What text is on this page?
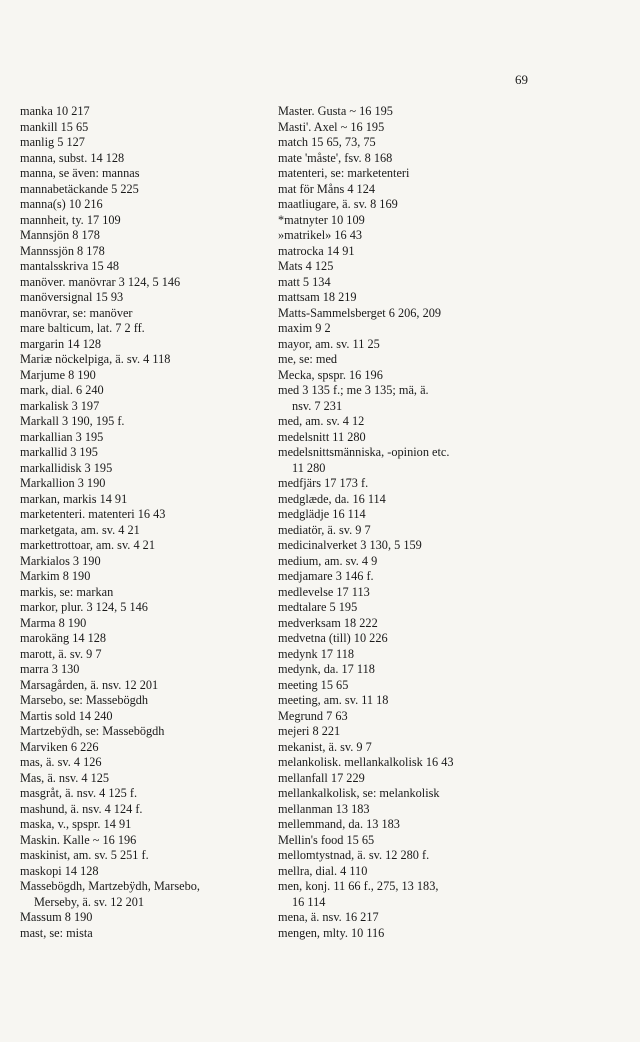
69
manka 10 217
mankill 15 65
manlig 5 127
manna, subst. 14 128
manna, se även: mannas
mannabetäckande 5 225
manna(s) 10 216
mannheit, ty. 17 109
Mannsjön 8 178
Mannssjön 8 178
mantalsskriva 15 48
manöver. manövrar 3 124, 5 146
manöversignal 15 93
manövrar, se: manöver
mare balticum, lat. 7 2 ff.
margarin 14 128
Mariæ nöckelpiga, ä. sv. 4 118
Marjume 8 190
mark, dial. 6 240
markalisk 3 197
Markall 3 190, 195 f.
markallian 3 195
markallid 3 195
markallidisk 3 195
Markallion 3 190
markan, markis 14 91
marketenteri. matenteri 16 43
marketgata, am. sv. 4 21
markettrottoar, am. sv. 4 21
Markialos 3 190
Markim 8 190
markis, se: markan
markor, plur. 3 124, 5 146
Marma 8 190
marokäng 14 128
marott, ä. sv. 9 7
marra 3 130
Marsagården, ä. nsv. 12 201
Marsebo, se: Massebögdh
Martis sold 14 240
Martzebÿdh, se: Massebögdh
Marviken 6 226
mas, ä. sv. 4 126
Mas, ä. nsv. 4 125
masgråt, ä. nsv. 4 125 f.
mashund, ä. nsv. 4 124 f.
maska, v., spspr. 14 91
Maskin. Kalle ~ 16 196
maskinist, am. sv. 5 251 f.
maskopi 14 128
Massebögdh, Martzebÿdh, Marsebo,
Merseby, ä. sv. 12 201
Massum 8 190
mast, se: mista
Master. Gusta ~ 16 195
Masti'. Axel ~ 16 195
match 15 65, 73, 75
mate 'måste', fsv. 8 168
matenteri, se: marketenteri
mat för Måns 4 124
maatliugare, ä. sv. 8 169
*matnyter 10 109
»matrikel» 16 43
matrocka 14 91
Mats 4 125
matt 5 134
mattsam 18 219
Matts-Sammelsberget 6 206, 209
maxim 9 2
mayor, am. sv. 11 25
me, se: med
Mecka, spspr. 16 196
med 3 135 f.; me 3 135; mä, ä.
nsv. 7 231
med, am. sv. 4 12
medelsnitt 11 280
medelsnittsmänniska, -opinion etc.
11 280
medfjärs 17 173 f.
medglæde, da. 16 114
medglädje 16 114
mediatör, ä. sv. 9 7
medicinalverket 3 130, 5 159
medium, am. sv. 4 9
medjamare 3 146 f.
medlevelse 17 113
medtalare 5 195
medverksam 18 222
medvetna (till) 10 226
medynk 17 118
medynk, da. 17 118
meeting 15 65
meeting, am. sv. 11 18
Megrund 7 63
mejeri 8 221
mekanist, ä. sv. 9 7
melankolisk. mellankalkolisk 16 43
mellanfall 17 229
mellankalkolisk, se: melankolisk
mellanman 13 183
mellemmand, da. 13 183
Mellin's food 15 65
mellomtystnad, ä. sv. 12 280 f.
mellra, dial. 4 110
men, konj. 11 66 f., 275, 13 183,
16 114
mena, ä. nsv. 16 217
mengen, mlty. 10 116
